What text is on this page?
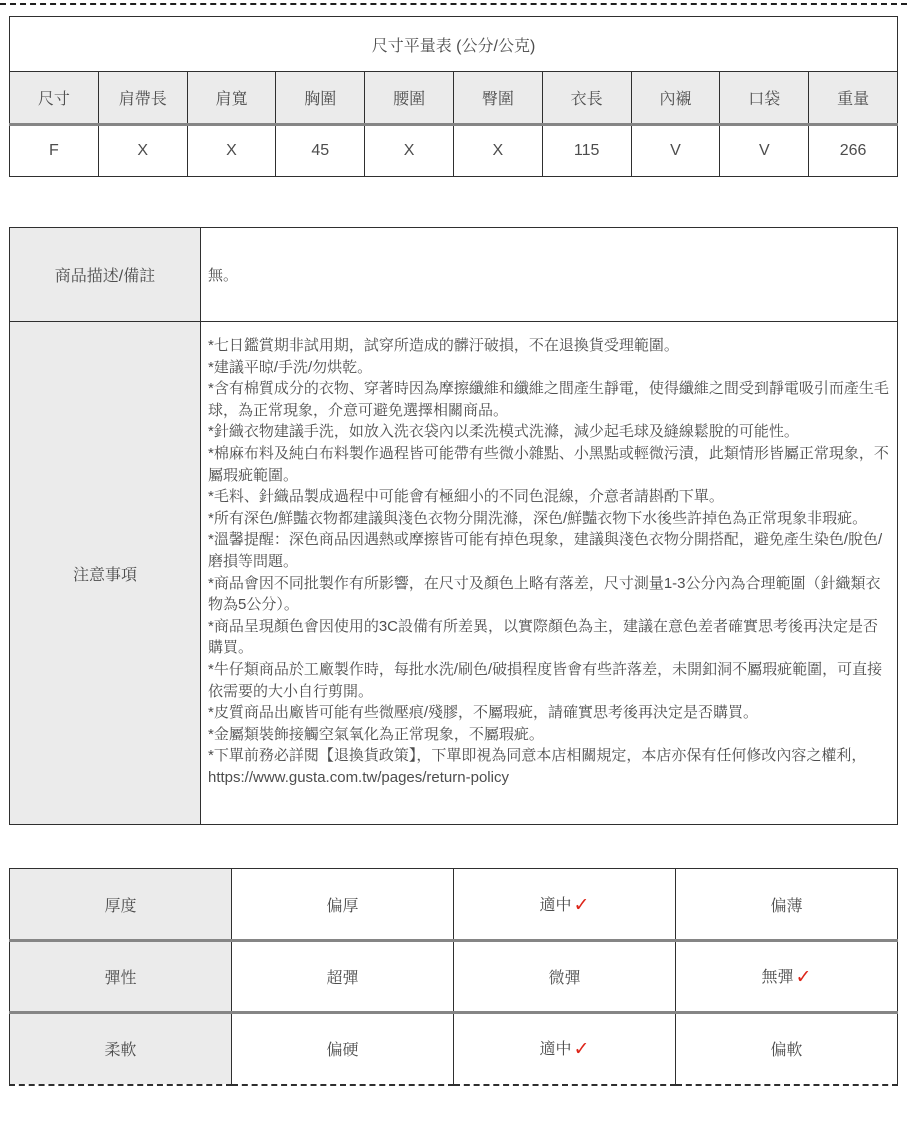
尺寸平量表 (公分/公克)									
尺寸	肩帶長	肩寬	胸圍	腰圍	臀圍	衣長	內襯	口袋	重量
F	X	X	45	X	X	115	V	V	266
商品描述/備註	無。
注意事項	
*七日鑑賞期非試用期，試穿所造成的髒汙破損，不在退換貨受理範圍。
*建議平晾/手洗/勿烘乾。
*含有棉質成分的衣物、穿著時因為摩擦纖維和纖維之間產生靜電，使得纖維之間受到靜電吸引而產生毛球，為正常現象，介意可避免選擇相關商品。
*針織衣物建議手洗，如放入洗衣袋內以柔洗模式洗滌，減少起毛球及縫線鬆脫的可能性。
*棉麻布料及純白布料製作過程皆可能帶有些微小雜點、小黑點或輕微污漬，此類情形皆屬正常現象，不屬瑕疵範圍。
*毛料、針織品製成過程中可能會有極細小的不同色混線，介意者請斟酌下單。
*所有深色/鮮豔衣物都建議與淺色衣物分開洗滌，深色/鮮豔衣物下水後些許掉色為正常現象非瑕疵。
*溫馨提醒：深色商品因遇熱或摩擦皆可能有掉色現象，建議與淺色衣物分開搭配，避免產生染色/脫色/磨損等問題。
*商品會因不同批製作有所影響，在尺寸及顏色上略有落差，尺寸測量1-3公分內為合理範圍（針織類衣物為5公分）。
*商品呈現顏色會因使用的3C設備有所差異，以實際顏色為主，建議在意色差者確實思考後再決定是否購買。
*牛仔類商品於工廠製作時，每批水洗/刷色/破損程度皆會有些許落差，未開釦洞不屬瑕疵範圍，可直接依需要的大小自行剪開。
*皮質商品出廠皆可能有些微壓痕/殘膠，不屬瑕疵，請確實思考後再決定是否購買。
*金屬類裝飾接觸空氣氧化為正常現象，不屬瑕疵。
*下單前務必詳閱【退換貨政策】，下單即視為同意本店相關規定，本店亦保有任何修改內容之權利，https://www.gusta.com.tw/pages/return-policy
厚度	偏厚	適中 ✓	偏薄
彈性	超彈	微彈	無彈 ✓
柔軟	偏硬	適中 ✓	偏軟
